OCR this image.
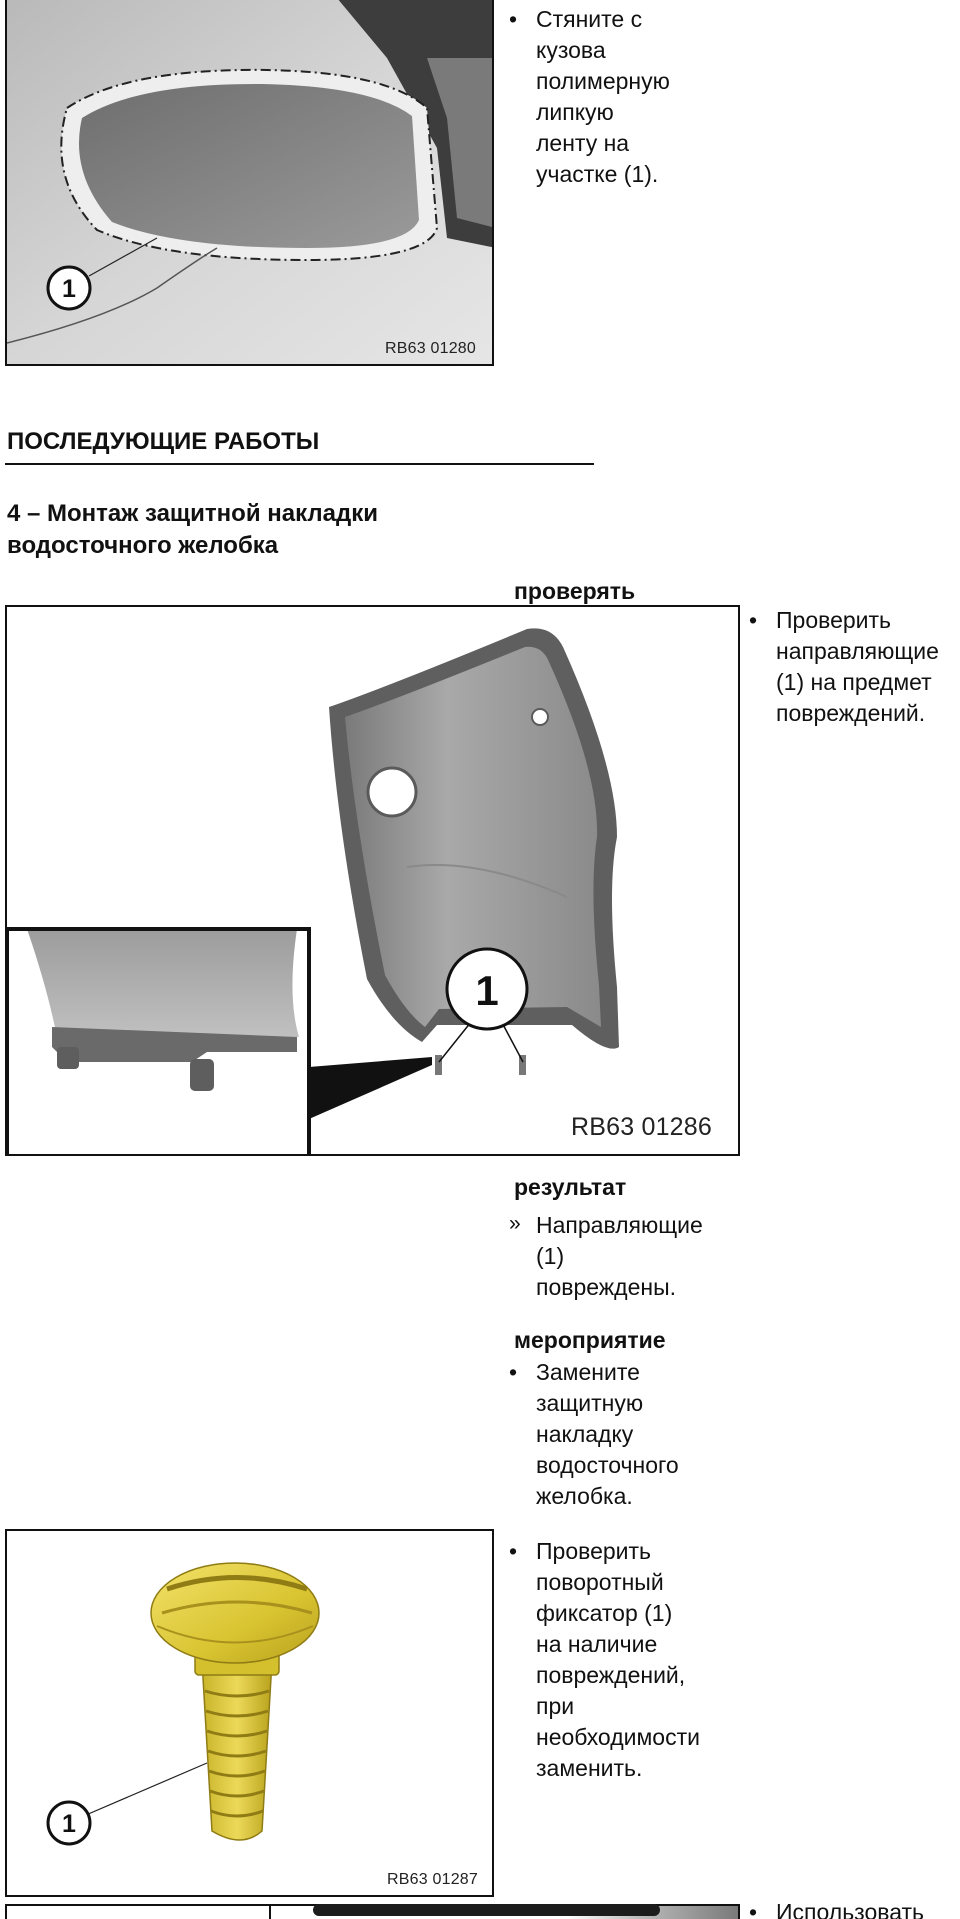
1
RB63 01280
• Стяните с
кузова
полимерную
липкую
ленту на
участке (1).
ПОСЛЕДУЮЩИЕ РАБОТЫ
4 – Монтаж защитной накладки
водосточного желобка
проверять
1
RB63 01286
• Проверить
направляющие
(1) на предмет
повреждений.
результат
» Направляющие
(1)
повреждены.
мероприятие
• Замените
защитную
накладку
водосточного
желобка.
1
RB63 01287
• Проверить
поворотный
фиксатор (1)
на наличие
повреждений,
при
необходимости
заменить.
• Использовать
